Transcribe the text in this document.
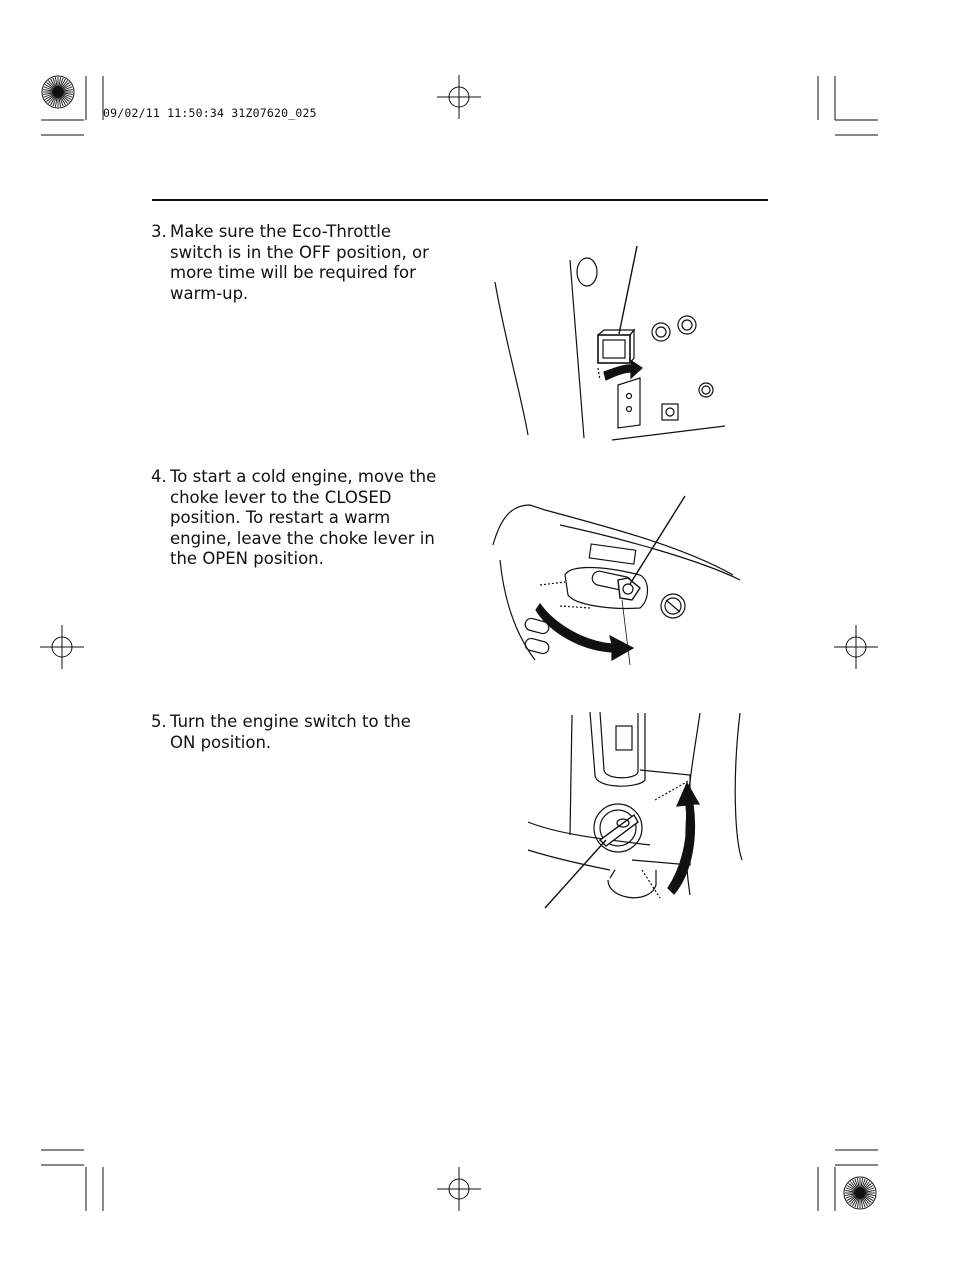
09/02/11 11:50:34 31Z07620_025
3. Make sure the Eco-Throttle
switch is in the OFF position, or
more time will be required for
warm-up.
4. To start a cold engine, move the
choke lever to the CLOSED
position. To restart a warm
engine, leave the choke lever in
the OPEN position.
5. Turn the engine switch to the
ON position.
